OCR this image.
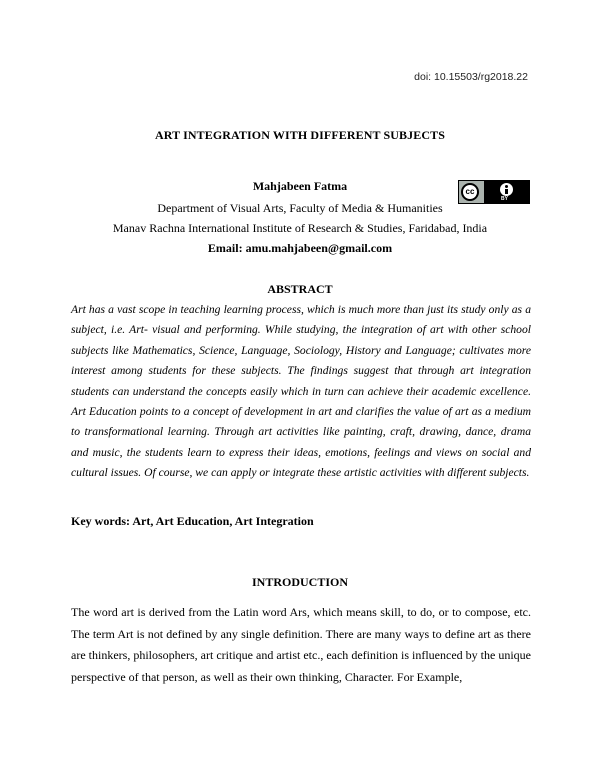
doi: 10.15503/rg2018.22
ART INTEGRATION WITH DIFFERENT SUBJECTS
Mahjabeen Fatma	cc
BY
Department of Visual Arts, Faculty of Media & Humanities
Manav Rachna International Institute of Research & Studies, Faridabad, India
Email: amu.mahjabeen@gmail.com
ABSTRACT

Art has a vast scope in teaching learning process, which is much more than just its study only as a subject, i.e. Art- visual and performing. While studying, the integration of art with other school subjects like Mathematics, Science, Language, Sociology, History and Language; cultivates more interest among students for these subjects. The findings suggest that through art integration students can understand the concepts easily which in turn can achieve their academic excellence. Art Education points to a concept of development in art and clarifies the value of art as a medium to transformational learning. Through art activities like painting, craft, drawing, dance, drama and music, the students learn to express their ideas, emotions, feelings and views on social and cultural issues. Of course, we can apply or integrate these artistic activities with different subjects.

Key words: Art, Art Education, Art Integration
INTRODUCTION

The word art is derived from the Latin word Ars, which means skill, to do, or to compose, etc. The term Art is not defined by any single definition. There are many ways to define art as there are thinkers, philosophers, art critique and artist etc., each definition is influenced by the unique perspective of that person, as well as their own thinking, Character. For Example,
